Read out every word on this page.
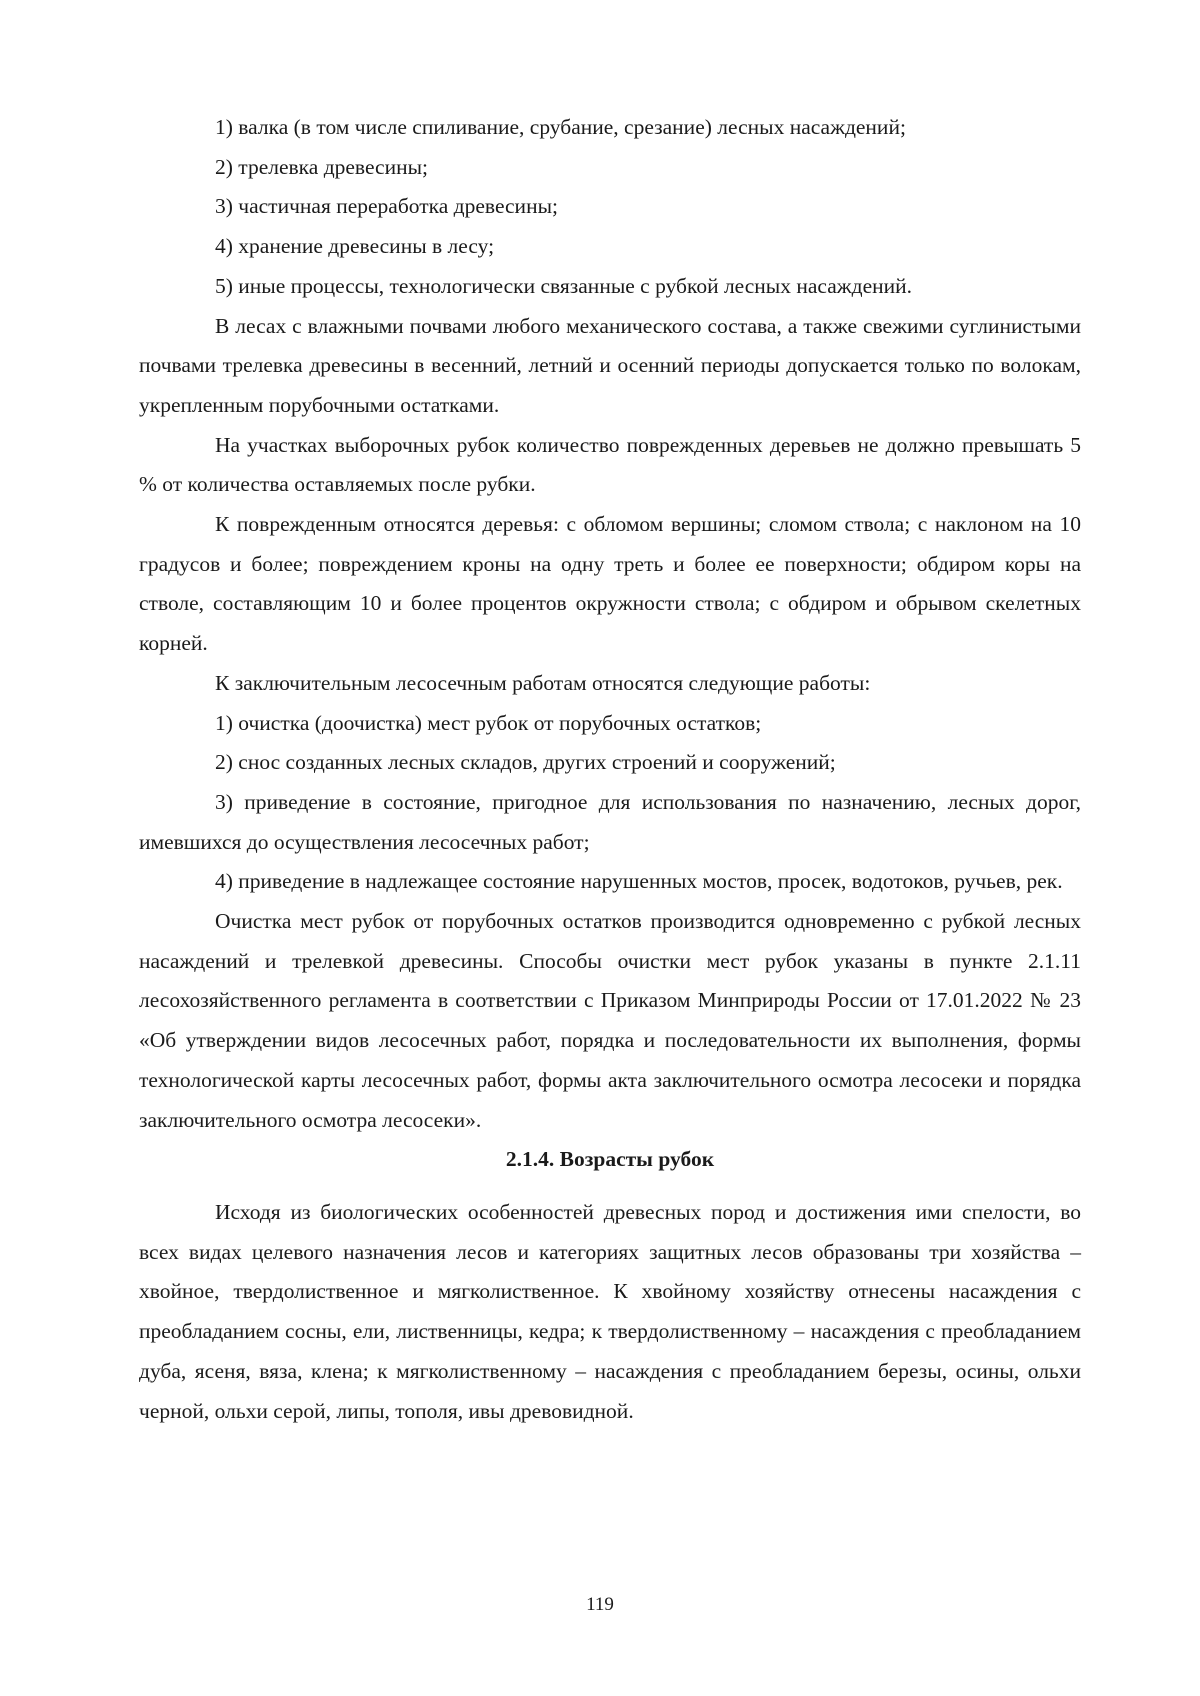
1) валка (в том числе спиливание, срубание, срезание) лесных насаждений;

2) трелевка древесины;

3) частичная переработка древесины;

4) хранение древесины в лесу;

5) иные процессы, технологически связанные с рубкой лесных насаждений.

В лесах с влажными почвами любого механического состава, а также свежими суглинистыми почвами трелевка древесины в весенний, летний и осенний периоды допускается только по волокам, укрепленным порубочными остатками.

На участках выборочных рубок количество поврежденных деревьев не должно превышать 5 % от количества оставляемых после рубки.

К поврежденным относятся деревья: с обломом вершины; сломом ствола; с наклоном на 10 градусов и более; повреждением кроны на одну треть и более ее поверхности; обдиром коры на стволе, составляющим 10 и более процентов окружности ствола; с обдиром и обрывом скелетных корней.

К заключительным лесосечным работам относятся следующие работы:

1) очистка (доочистка) мест рубок от порубочных остатков;

2) снос созданных лесных складов, других строений и сооружений;

3) приведение в состояние, пригодное для использования по назначению, лесных дорог, имевшихся до осуществления лесосечных работ;

4) приведение в надлежащее состояние нарушенных мостов, просек, водотоков, ручьев, рек.

Очистка мест рубок от порубочных остатков производится одновременно с рубкой лесных насаждений и трелевкой древесины. Способы очистки мест рубок указаны в пункте 2.1.11 лесохозяйственного регламента в соответствии с Приказом Минприроды России от 17.01.2022 № 23 «Об утверждении видов лесосечных работ, порядка и последовательности их выполнения, формы технологической карты лесосечных работ, формы акта заключительного осмотра лесосеки и порядка заключительного осмотра лесосеки».

2.1.4. Возрасты рубок

Исходя из биологических особенностей древесных пород и достижения ими спелости, во всех видах целевого назначения лесов и категориях защитных лесов образованы три хозяйства – хвойное, твердолиственное и мягколиственное. К хвойному хозяйству отнесены насаждения с преобладанием сосны, ели, лиственницы, кедра; к твердолиственному – насаждения с преобладанием дуба, ясеня, вяза, клена; к мягколиственному – насаждения с преобладанием березы, осины, ольхи черной, ольхи серой, липы, тополя, ивы древовидной.

119
